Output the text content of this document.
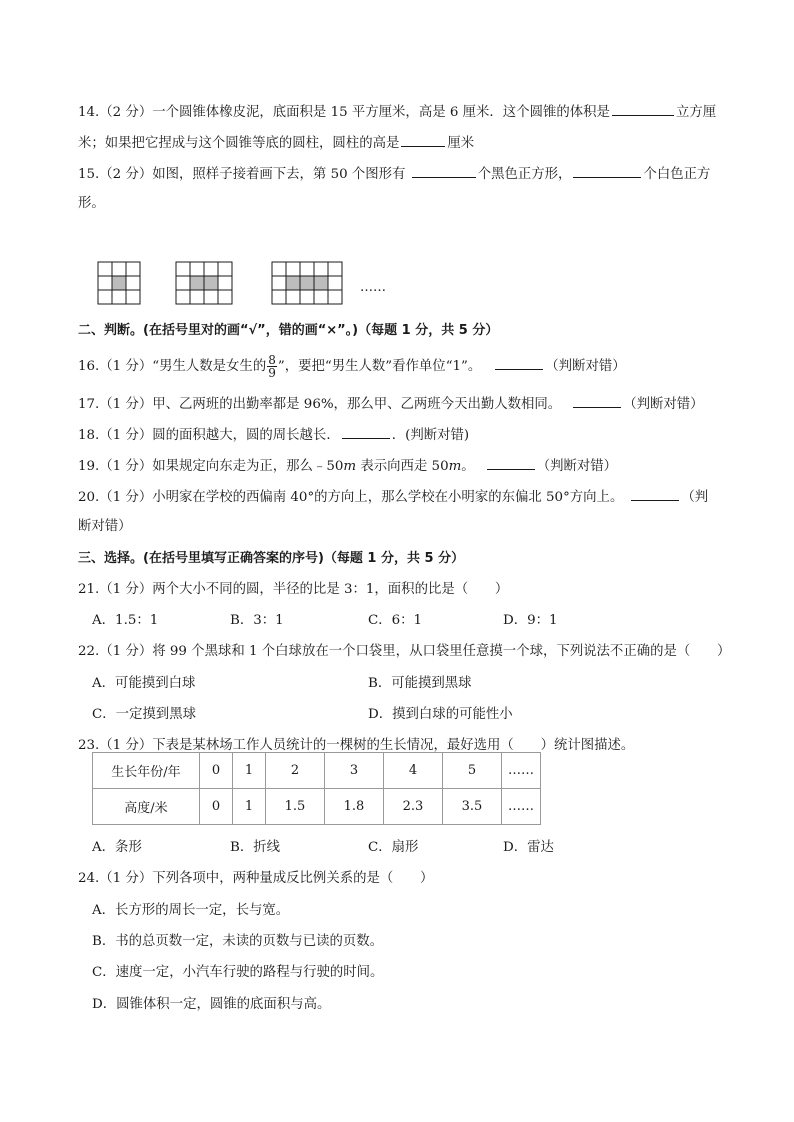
14.（2 分）一个圆锥体橡皮泥，底面积是 15 平方厘米，高是 6 厘米．这个圆锥的体积是	立方厘
米；如果把它捏成与这个圆锥等底的圆柱，圆柱的高是	厘米
15.（2 分）如图，照样子接着画下去，第 50 个图形有	个黑色正方形，	个白色正方
形。
……
二、判断。(在括号里对的画“√”，错的画“×”。)（每题 1 分，共 5 分）
16.（1 分）“男生人数是女生的 $\frac{8}{9}$ ”，要把“男生人数”看作单位“1”。	（判断对错）
17.（1 分）甲、乙两班的出勤率都是 96%，那么甲、乙两班今天出勤人数相同。	（判断对错）
18.（1 分）圆的面积越大，圆的周长越长．	．(判断对错)
19.（1 分）如果规定向东走为正，那么﹣50m 表示向西走 50m。	（判断对错）
20.（1 分）小明家在学校的西偏南 40°的方向上，那么学校在小明家的东偏北 50°方向上。	（判
断对错）
三、选择。(在括号里填写正确答案的序号)（每题 1 分，共 5 分）
21.（1 分）两个大小不同的圆，半径的比是 3：1，面积的比是（　　）
A．1.5：1	B．3：1	C．6：1	D．9：1
22.（1 分）将 99 个黑球和 1 个白球放在一个口袋里，从口袋里任意摸一个球，下列说法不正确的是（　　）
A．可能摸到白球	B．可能摸到黑球
C．一定摸到黑球	D．摸到白球的可能性小
23.（1 分）下表是某林场工作人员统计的一棵树的生长情况，最好选用（　　）统计图描述。
生长年份/年	0	1	2	3	4	5	……
高度/米	0	1	1.5	1.8	2.3	3.5	……
A．条形	B．折线	C．扇形	D．雷达
24.（1 分）下列各项中，两种量成反比例关系的是（　　）
A．长方形的周长一定，长与宽。
B．书的总页数一定，未读的页数与已读的页数。
C．速度一定，小汽车行驶的路程与行驶的时间。
D．圆锥体积一定，圆锥的底面积与高。
